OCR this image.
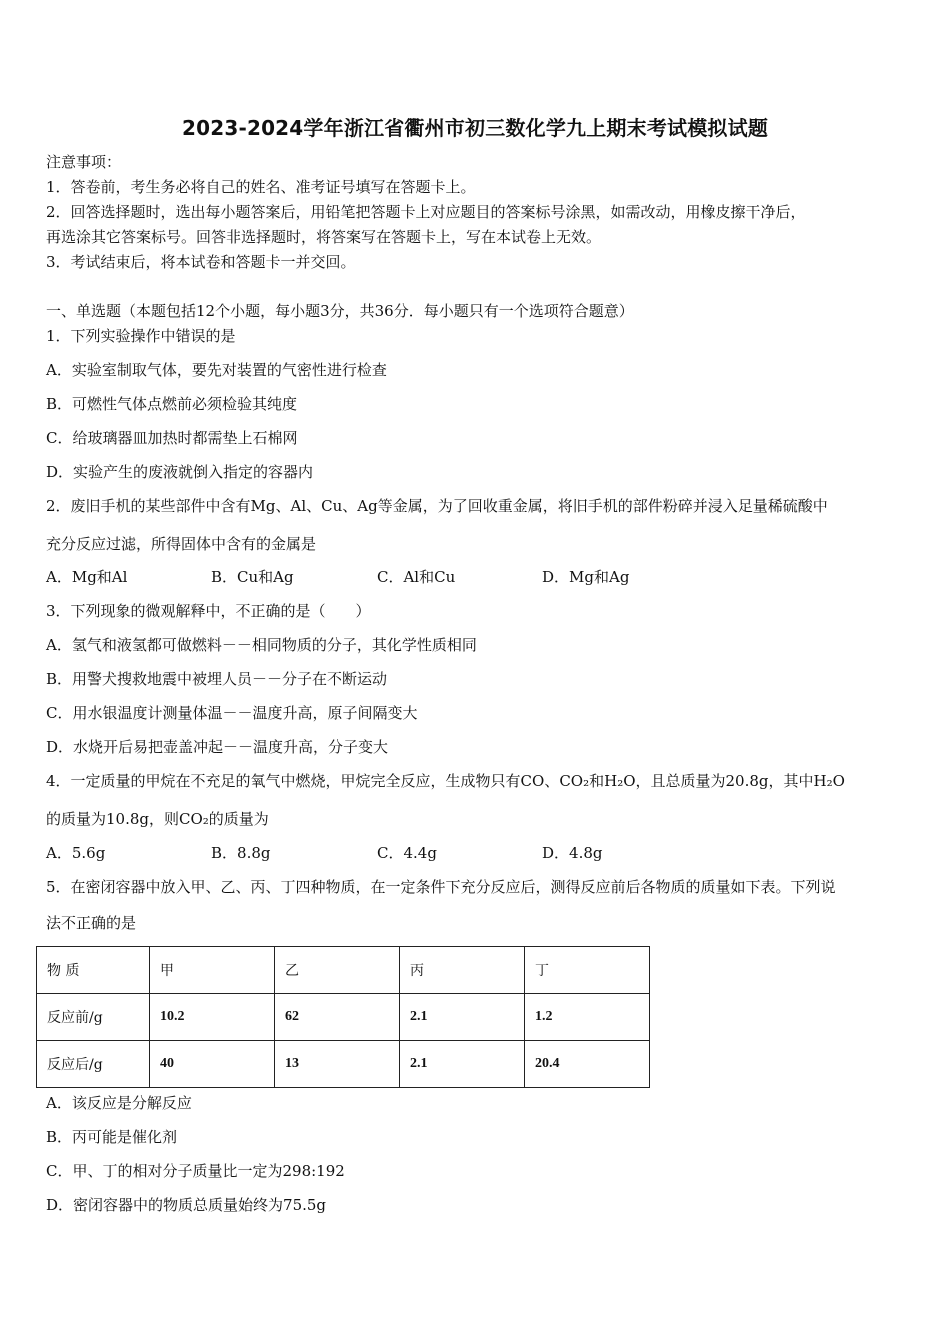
2023-2024学年浙江省衢州市初三数化学九上期末考试模拟试题
注意事项：
1．答卷前，考生务必将自己的姓名、准考证号填写在答题卡上。
2．回答选择题时，选出每小题答案后，用铅笔把答题卡上对应题目的答案标号涂黑，如需改动，用橡皮擦干净后，
再选涂其它答案标号。回答非选择题时，将答案写在答题卡上，写在本试卷上无效。
3．考试结束后，将本试卷和答题卡一并交回。
一、单选题（本题包括12个小题，每小题3分，共36分．每小题只有一个选项符合题意）
1．下列实验操作中错误的是
A．实验室制取气体，要先对装置的气密性进行检查
B．可燃性气体点燃前必须检验其纯度
C．给玻璃器皿加热时都需垫上石棉网
D．实验产生的废液就倒入指定的容器内
2．废旧手机的某些部件中含有Mg、Al、Cu、Ag等金属，为了回收重金属，将旧手机的部件粉碎并浸入足量稀硫酸中
充分反应过滤，所得固体中含有的金属是
A．Mg和Al	B．Cu和Ag	C．Al和Cu	D．Mg和Ag
3．下列现象的微观解释中，不正确的是（　　）
A．氢气和液氢都可做燃料－－相同物质的分子，其化学性质相同
B．用警犬搜救地震中被埋人员－－分子在不断运动
C．用水银温度计测量体温－－温度升高，原子间隔变大
D．水烧开后易把壶盖冲起－－温度升高，分子变大
4．一定质量的甲烷在不充足的氧气中燃烧，甲烷完全反应，生成物只有CO、CO₂和H₂O，且总质量为20.8g，其中H₂O
的质量为10.8g，则CO₂的质量为
A．5.6g	B．8.8g	C．4.4g	D．4.8g
5．在密闭容器中放入甲、乙、丙、丁四种物质，在一定条件下充分反应后，测得反应前后各物质的质量如下表。下列说
法不正确的是
物 质	甲	乙	丙	丁
反应前/g	10.2	62	2.1	1.2
反应后/g	40	13	2.1	20.4
A．该反应是分解反应
B．丙可能是催化剂
C．甲、丁的相对分子质量比一定为298:192
D．密闭容器中的物质总质量始终为75.5g
